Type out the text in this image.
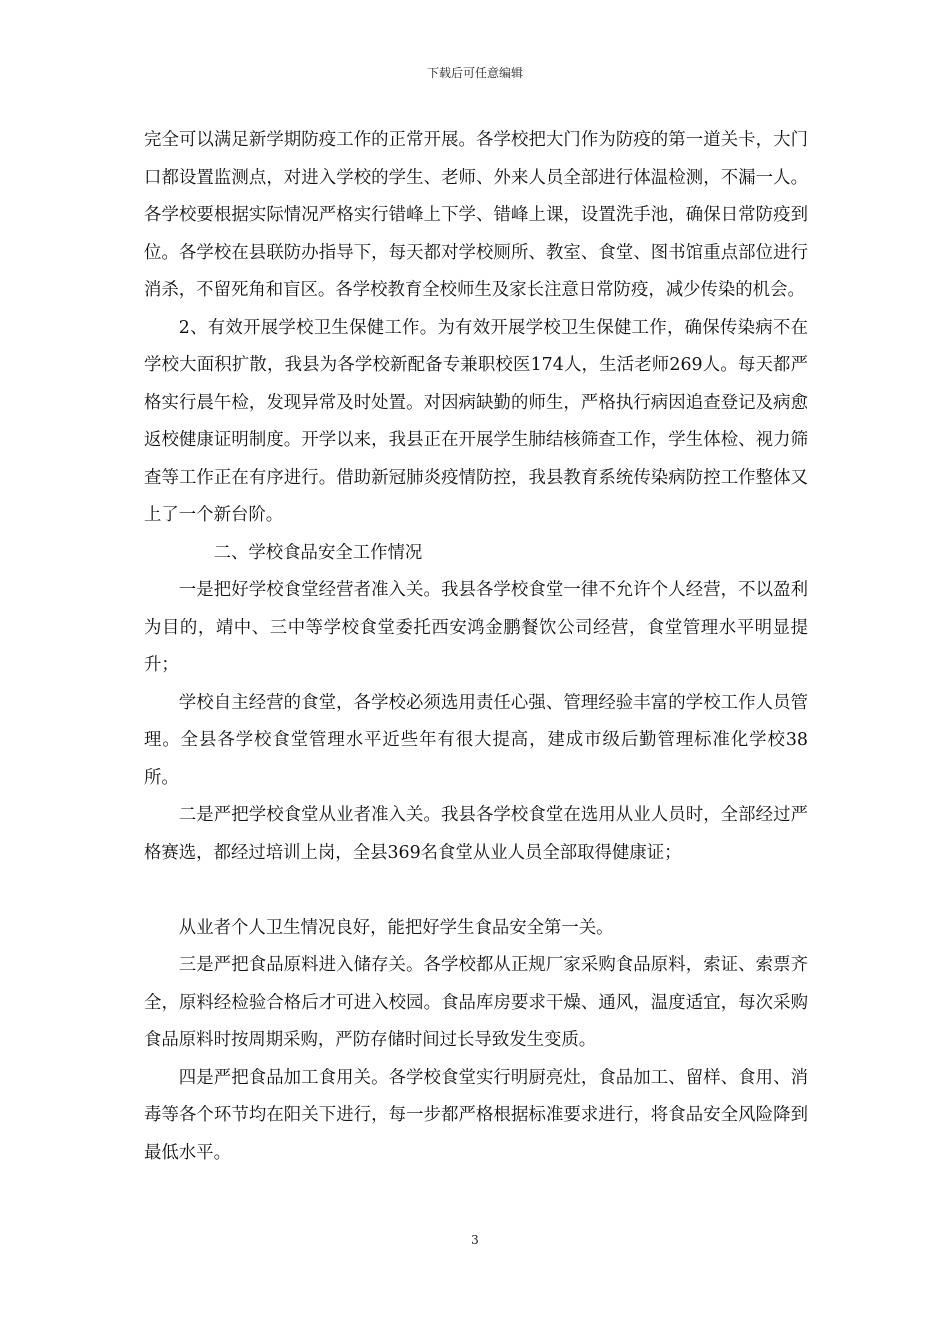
下载后可任意编辑

完全可以满足新学期防疫工作的正常开展。各学校把大门作为防疫的第一道关卡，大门口都设置监测点，对进入学校的学生、老师、外来人员全部进行体温检测，不漏一人。各学校要根据实际情况严格实行错峰上下学、错峰上课，设置洗手池，确保日常防疫到位。各学校在县联防办指导下，每天都对学校厕所、教室、食堂、图书馆重点部位进行消杀，不留死角和盲区。各学校教育全校师生及家长注意日常防疫，减少传染的机会。

2、有效开展学校卫生保健工作。为有效开展学校卫生保健工作，确保传染病不在学校大面积扩散，我县为各学校新配备专兼职校医174人，生活老师269人。每天都严格实行晨午检，发现异常及时处置。对因病缺勤的师生，严格执行病因追查登记及病愈返校健康证明制度。开学以来，我县正在开展学生肺结核筛查工作，学生体检、视力筛查等工作正在有序进行。借助新冠肺炎疫情防控，我县教育系统传染病防控工作整体又上了一个新台阶。

二、学校食品安全工作情况

一是把好学校食堂经营者准入关。我县各学校食堂一律不允许个人经营，不以盈利为目的，靖中、三中等学校食堂委托西安鸿金鹏餐饮公司经营，食堂管理水平明显提升；

学校自主经营的食堂，各学校必须选用责任心强、管理经验丰富的学校工作人员管理。全县各学校食堂管理水平近些年有很大提高，建成市级后勤管理标准化学校38所。

二是严把学校食堂从业者准入关。我县各学校食堂在选用从业人员时，全部经过严格赛选，都经过培训上岗，全县369名食堂从业人员全部取得健康证；

从业者个人卫生情况良好，能把好学生食品安全第一关。

三是严把食品原料进入储存关。各学校都从正规厂家采购食品原料，索证、索票齐全，原料经检验合格后才可进入校园。食品库房要求干燥、通风，温度适宜，每次采购食品原料时按周期采购，严防存储时间过长导致发生变质。

四是严把食品加工食用关。各学校食堂实行明厨亮灶，食品加工、留样、食用、消毒等各个环节均在阳关下进行，每一步都严格根据标准要求进行，将食品安全风险降到最低水平。

3
